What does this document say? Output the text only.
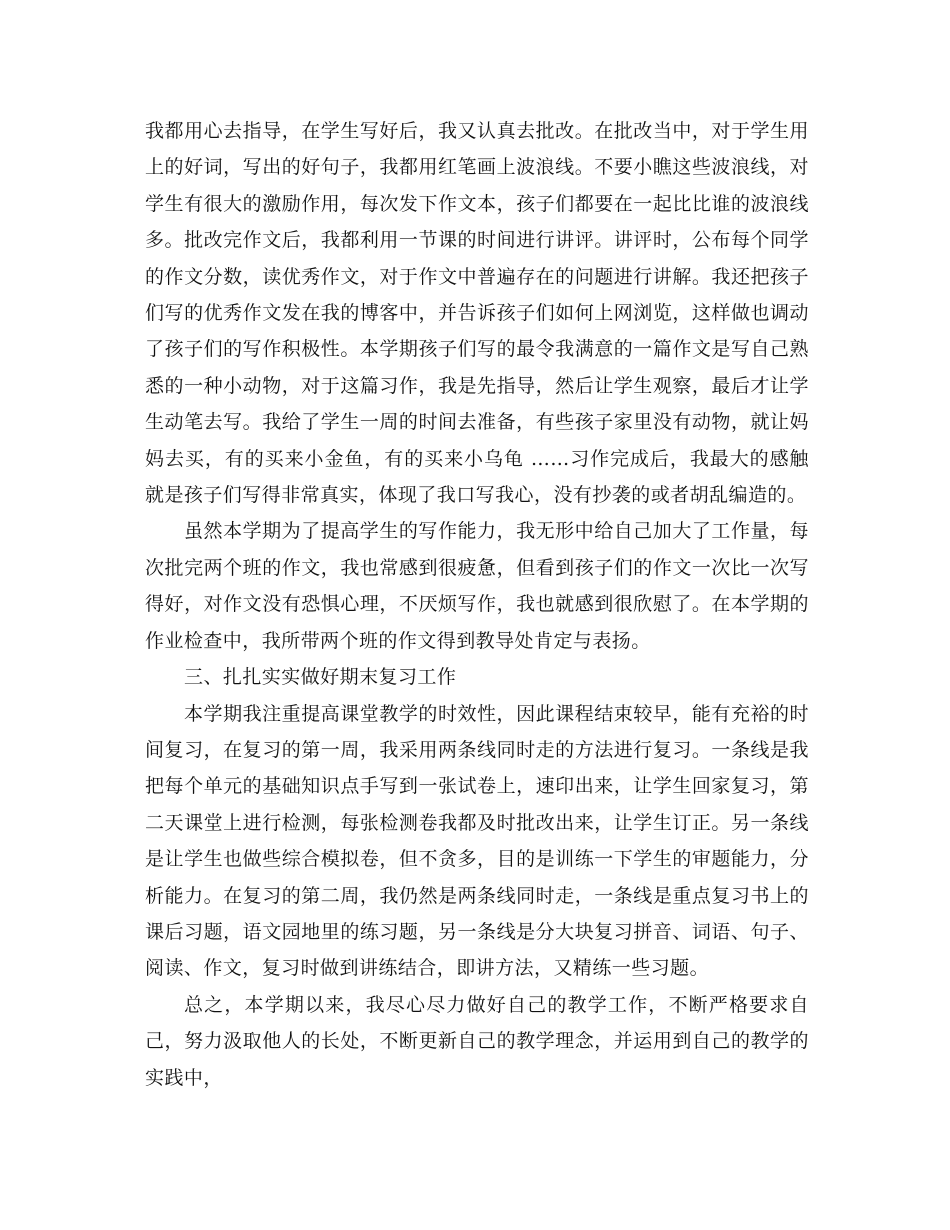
我都用心去指导，在学生写好后，我又认真去批改。在批改当中，对于学生用上的好词，写出的好句子，我都用红笔画上波浪线。不要小瞧这些波浪线，对学生有很大的激励作用，每次发下作文本，孩子们都要在一起比比谁的波浪线多。批改完作文后，我都利用一节课的时间进行讲评。讲评时，公布每个同学的作文分数，读优秀作文，对于作文中普遍存在的问题进行讲解。我还把孩子们写的优秀作文发在我的博客中，并告诉孩子们如何上网浏览，这样做也调动了孩子们的写作积极性。本学期孩子们写的最令我满意的一篇作文是写自己熟悉的一种小动物，对于这篇习作，我是先指导，然后让学生观察，最后才让学生动笔去写。我给了学生一周的时间去准备，有些孩子家里没有动物，就让妈妈去买，有的买来小金鱼，有的买来小乌龟 ……习作完成后，我最大的感触就是孩子们写得非常真实，体现了我口写我心，没有抄袭的或者胡乱编造的。

虽然本学期为了提高学生的写作能力，我无形中给自己加大了工作量，每次批完两个班的作文，我也常感到很疲惫，但看到孩子们的作文一次比一次写得好，对作文没有恐惧心理，不厌烦写作，我也就感到很欣慰了。在本学期的作业检查中，我所带两个班的作文得到教导处肯定与表扬。

三、扎扎实实做好期末复习工作

本学期我注重提高课堂教学的时效性，因此课程结束较早，能有充裕的时间复习，在复习的第一周，我采用两条线同时走的方法进行复习。一条线是我把每个单元的基础知识点手写到一张试卷上，速印出来，让学生回家复习，第二天课堂上进行检测，每张检测卷我都及时批改出来，让学生订正。另一条线是让学生也做些综合模拟卷，但不贪多，目的是训练一下学生的审题能力，分析能力。在复习的第二周，我仍然是两条线同时走，一条线是重点复习书上的课后习题，语文园地里的练习题，另一条线是分大块复习拼音、词语、句子、阅读、作文，复习时做到讲练结合，即讲方法，又精练一些习题。

总之，本学期以来，我尽心尽力做好自己的教学工作，不断严格要求自己，努力汲取他人的长处，不断更新自己的教学理念，并运用到自己的教学的实践中，
